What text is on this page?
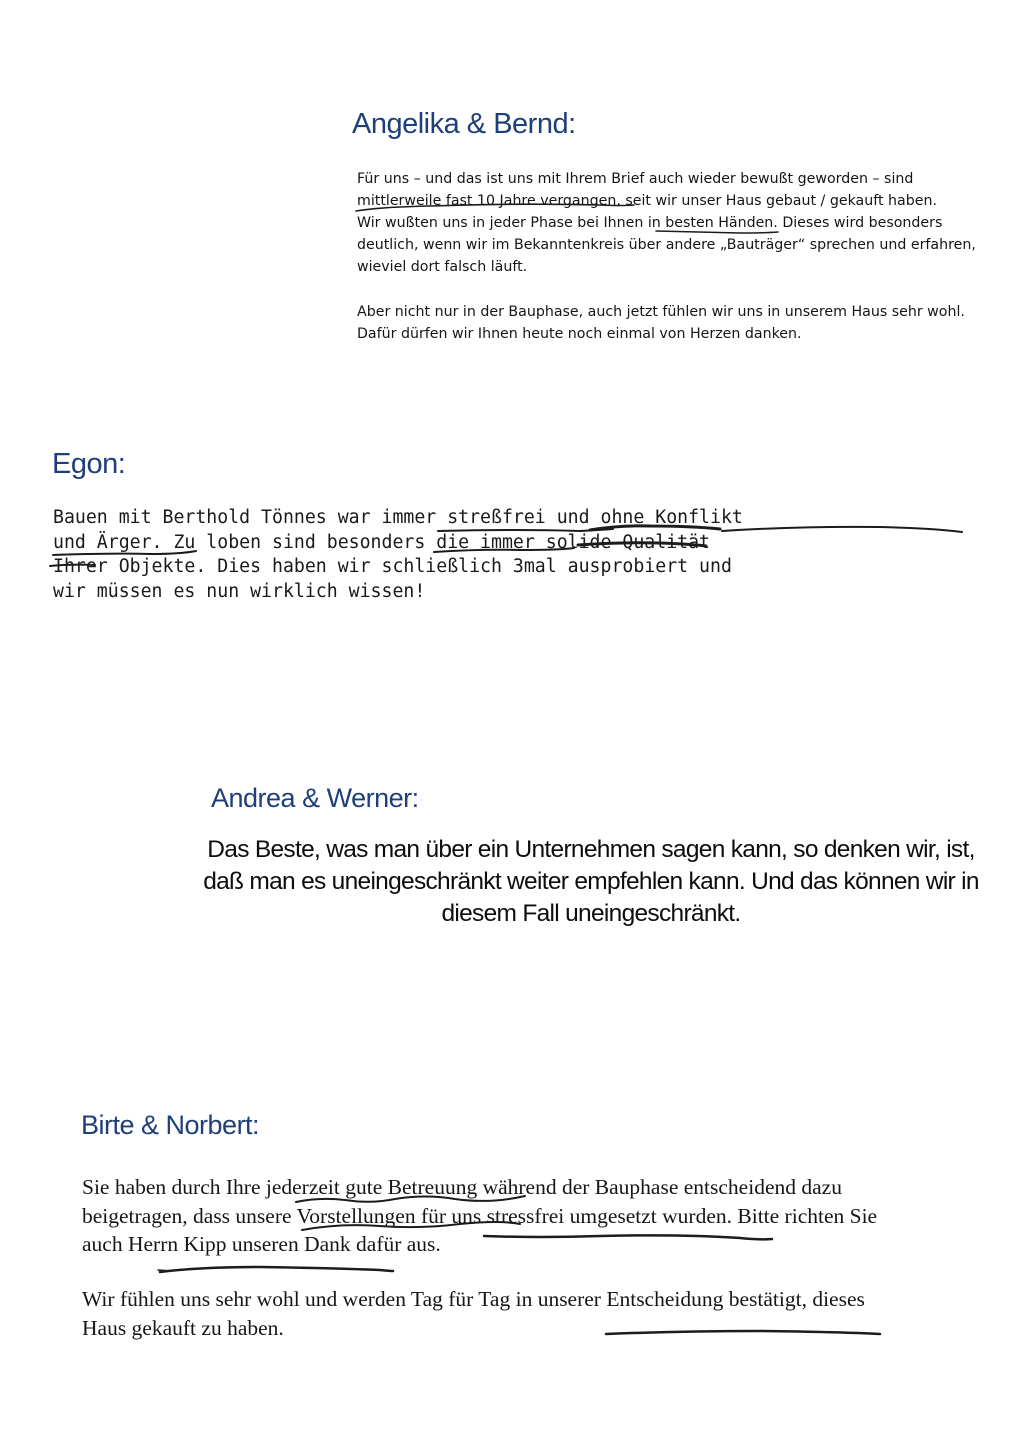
Angelika & Bernd:
Für uns – und das ist uns mit Ihrem Brief auch wieder bewußt geworden – sind
mittlerweile fast 10 Jahre vergangen, seit wir unser Haus gebaut / gekauft haben.
Wir wußten uns in jeder Phase bei Ihnen in besten Händen. Dieses wird besonders
deutlich, wenn wir im Bekanntenkreis über andere „Bauträger“ sprechen und erfahren,
wieviel dort falsch läuft.
Aber nicht nur in der Bauphase, auch jetzt fühlen wir uns in unserem Haus sehr wohl.
Dafür dürfen wir Ihnen heute noch einmal von Herzen danken.
Egon:
Bauen mit Berthold Tönnes war immer streßfrei und ohne Konflikt
und Ärger. Zu loben sind besonders die immer solide Qualität
Ihrer Objekte. Dies haben wir schließlich 3mal ausprobiert und
wir müssen es nun wirklich wissen!
Andrea & Werner:
Das Beste, was man über ein Unternehmen sagen kann, so denken wir, ist,
daß man es uneingeschränkt weiter empfehlen kann. Und das können wir in
diesem Fall uneingeschränkt.
Birte & Norbert:
Sie haben durch Ihre jederzeit gute Betreuung während der Bauphase entscheidend dazu
beigetragen, dass unsere Vorstellungen für uns stressfrei umgesetzt wurden. Bitte richten Sie
auch Herrn Kipp unseren Dank dafür aus.
Wir fühlen uns sehr wohl und werden Tag für Tag in unserer Entscheidung bestätigt, dieses
Haus gekauft zu haben.
